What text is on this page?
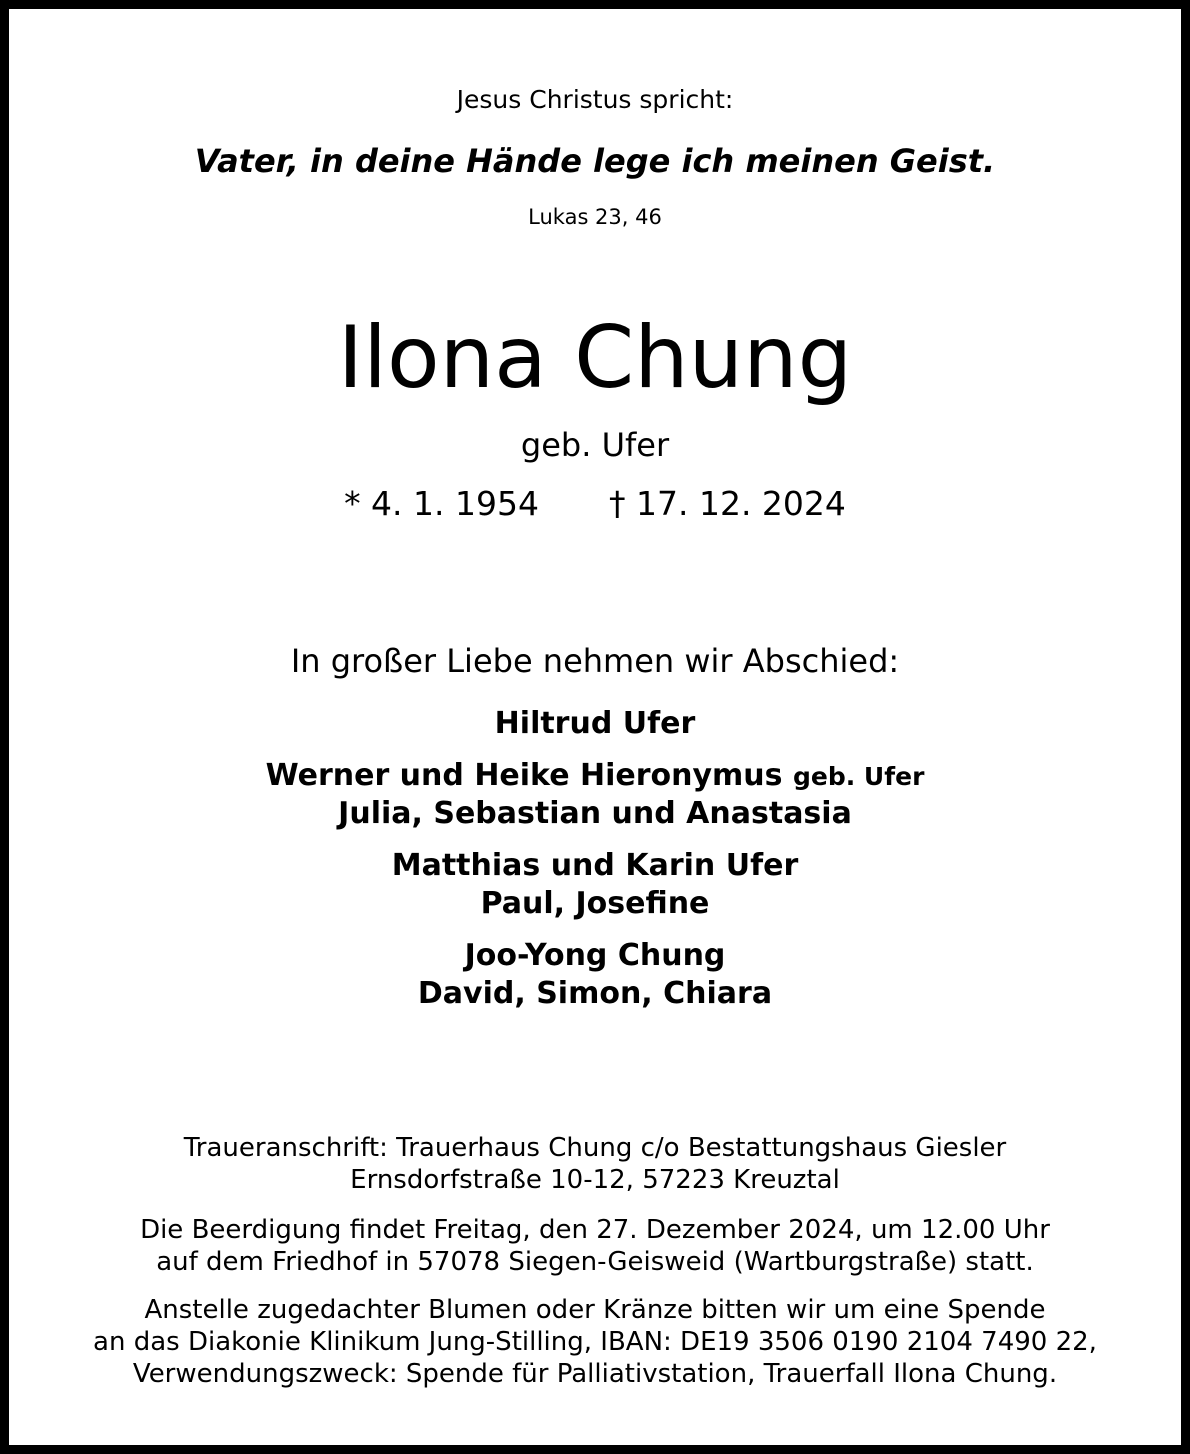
Jesus Christus spricht:
Vater, in deine Hände lege ich meinen Geist.
Lukas 23, 46
Ilona Chung
geb. Ufer
* 4. 1. 1954 † 17. 12. 2024
In großer Liebe nehmen wir Abschied:
Hiltrud Ufer
Werner und Heike Hieronymus geb. Ufer
Julia, Sebastian und Anastasia
Matthias und Karin Ufer
Paul, Josefine
Joo-Yong Chung
David, Simon, Chiara
Traueranschrift: Trauerhaus Chung c/o Bestattungshaus Giesler
Ernsdorfstraße 10-12, 57223 Kreuztal
Die Beerdigung findet Freitag, den 27. Dezember 2024, um 12.00 Uhr
auf dem Friedhof in 57078 Siegen-Geisweid (Wartburgstraße) statt.
Anstelle zugedachter Blumen oder Kränze bitten wir um eine Spende
an das Diakonie Klinikum Jung-Stilling, IBAN: DE19 3506 0190 2104 7490 22,
Verwendungszweck: Spende für Palliativstation, Trauerfall Ilona Chung.
